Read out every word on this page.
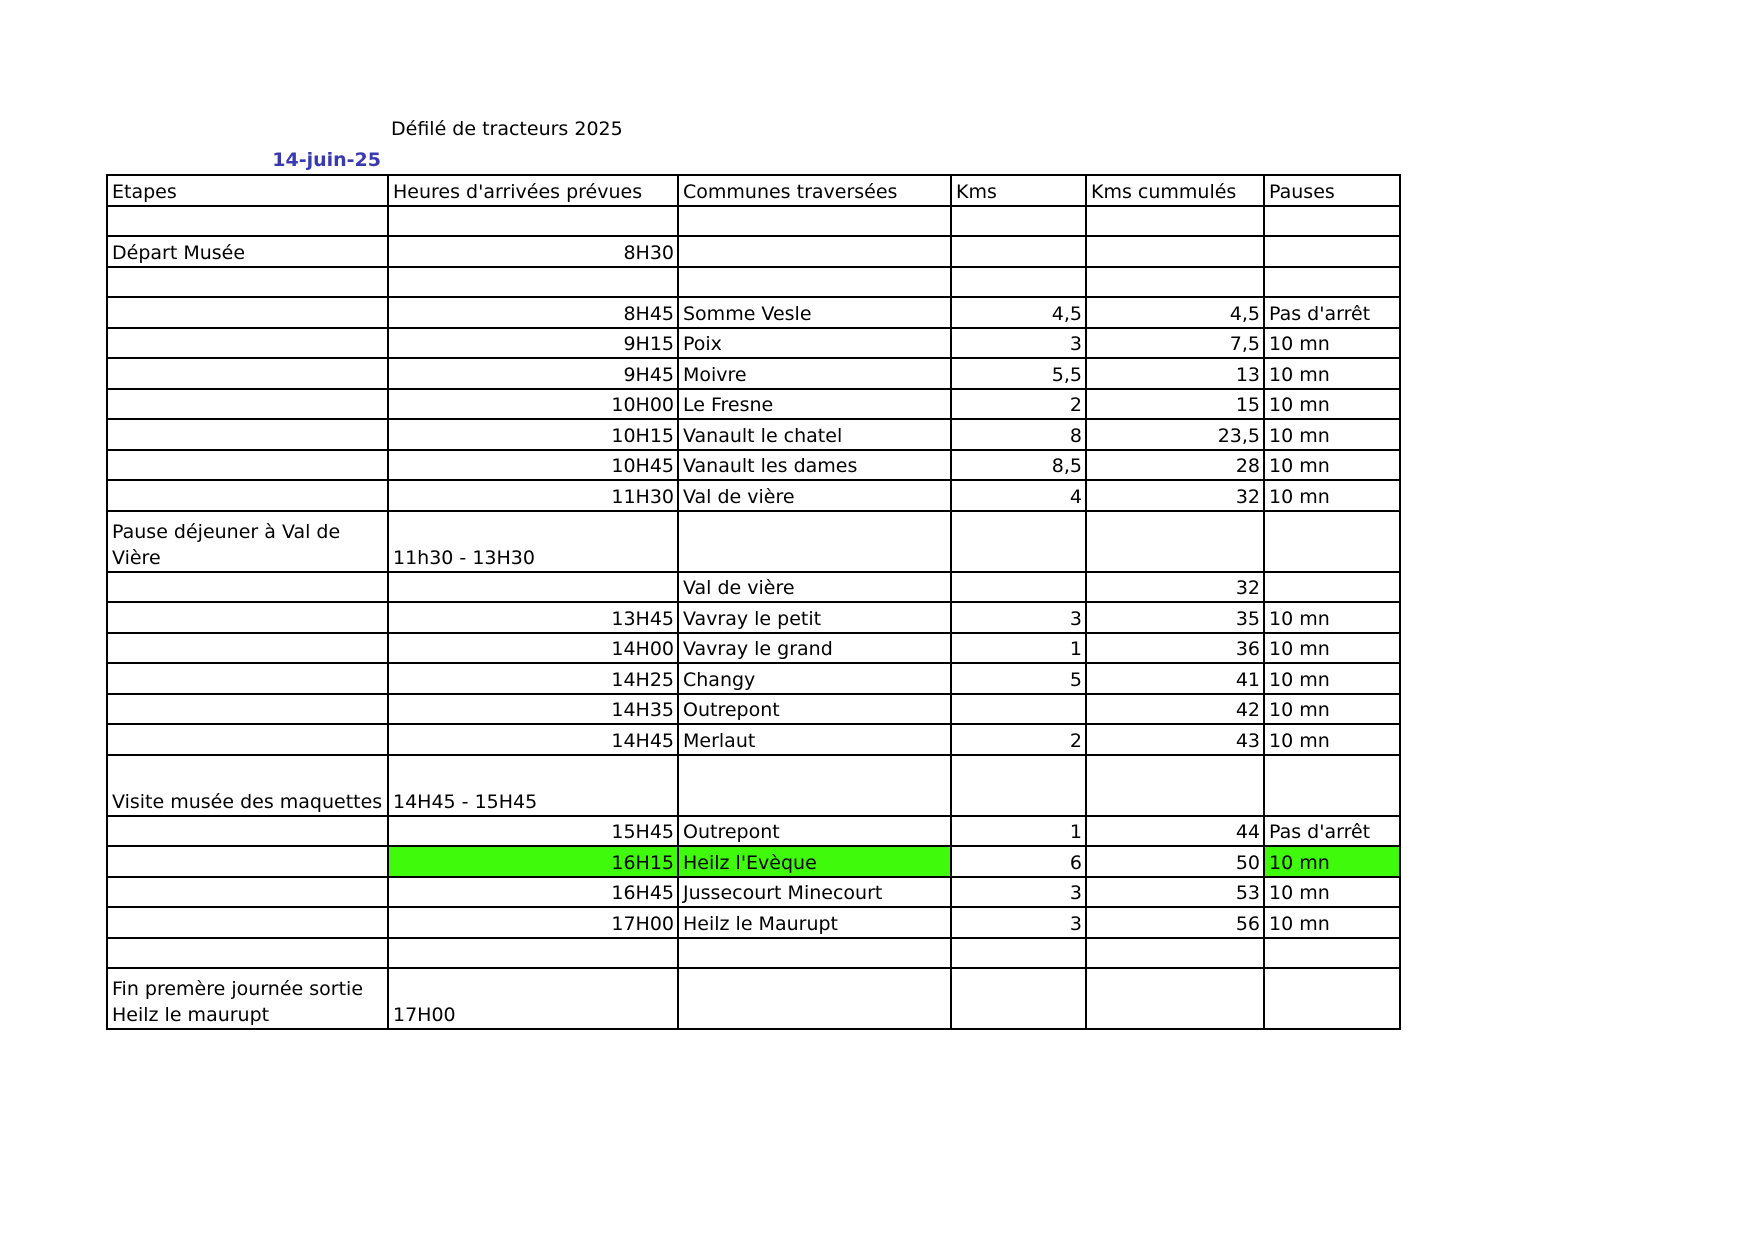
Défilé de tracteurs 2025
14-juin-25
Etapes	Heures d'arrivées prévues	Communes traversées	Kms	Kms cummulés	Pauses

Départ Musée	8H30				

	8H45	Somme Vesle	4,5	4,5	Pas d'arrêt
	9H15	Poix	3	7,5	10 mn
	9H45	Moivre	5,5	13	10 mn
	10H00	Le Fresne	2	15	10 mn
	10H15	Vanault le chatel	8	23,5	10 mn
	10H45	Vanault les dames	8,5	28	10 mn
	11H30	Val de vière	4	32	10 mn
Pause déjeuner à Val de Vière	11h30 - 13H30				
		Val de vière		32	
	13H45	Vavray le petit	3	35	10 mn
	14H00	Vavray le grand	1	36	10 mn
	14H25	Changy	5	41	10 mn
	14H35	Outrepont		42	10 mn
	14H45	Merlaut	2	43	10 mn
Visite musée des maquettes	14H45 - 15H45				
	15H45	Outrepont	1	44	Pas d'arrêt
	16H15	Heilz l'Evèque	6	50	10 mn
	16H45	Jussecourt Minecourt	3	53	10 mn
	17H00	Heilz le Maurupt	3	56	10 mn

Fin premère journée sortie Heilz le maurupt	17H00				
